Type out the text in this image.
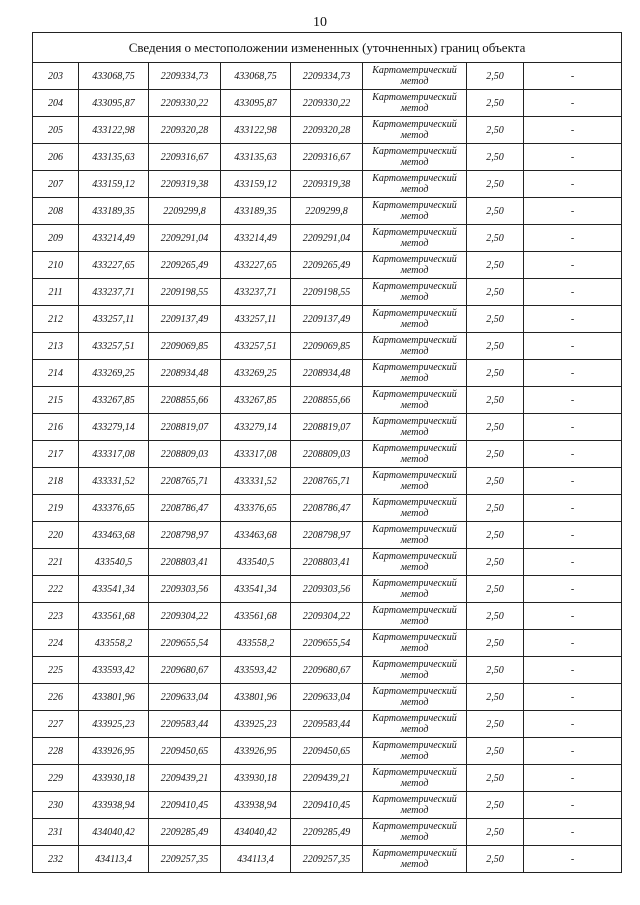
10
Сведения о местоположении измененных (уточненных) границ объекта							
203	433068,75	2209334,73	433068,75	2209334,73	Картометрический
метод	2,50	-
204	433095,87	2209330,22	433095,87	2209330,22	Картометрический
метод	2,50	-
205	433122,98	2209320,28	433122,98	2209320,28	Картометрический
метод	2,50	-
206	433135,63	2209316,67	433135,63	2209316,67	Картометрический
метод	2,50	-
207	433159,12	2209319,38	433159,12	2209319,38	Картометрический
метод	2,50	-
208	433189,35	2209299,8	433189,35	2209299,8	Картометрический
метод	2,50	-
209	433214,49	2209291,04	433214,49	2209291,04	Картометрический
метод	2,50	-
210	433227,65	2209265,49	433227,65	2209265,49	Картометрический
метод	2,50	-
211	433237,71	2209198,55	433237,71	2209198,55	Картометрический
метод	2,50	-
212	433257,11	2209137,49	433257,11	2209137,49	Картометрический
метод	2,50	-
213	433257,51	2209069,85	433257,51	2209069,85	Картометрический
метод	2,50	-
214	433269,25	2208934,48	433269,25	2208934,48	Картометрический
метод	2,50	-
215	433267,85	2208855,66	433267,85	2208855,66	Картометрический
метод	2,50	-
216	433279,14	2208819,07	433279,14	2208819,07	Картометрический
метод	2,50	-
217	433317,08	2208809,03	433317,08	2208809,03	Картометрический
метод	2,50	-
218	433331,52	2208765,71	433331,52	2208765,71	Картометрический
метод	2,50	-
219	433376,65	2208786,47	433376,65	2208786,47	Картометрический
метод	2,50	-
220	433463,68	2208798,97	433463,68	2208798,97	Картометрический
метод	2,50	-
221	433540,5	2208803,41	433540,5	2208803,41	Картометрический
метод	2,50	-
222	433541,34	2209303,56	433541,34	2209303,56	Картометрический
метод	2,50	-
223	433561,68	2209304,22	433561,68	2209304,22	Картометрический
метод	2,50	-
224	433558,2	2209655,54	433558,2	2209655,54	Картометрический
метод	2,50	-
225	433593,42	2209680,67	433593,42	2209680,67	Картометрический
метод	2,50	-
226	433801,96	2209633,04	433801,96	2209633,04	Картометрический
метод	2,50	-
227	433925,23	2209583,44	433925,23	2209583,44	Картометрический
метод	2,50	-
228	433926,95	2209450,65	433926,95	2209450,65	Картометрический
метод	2,50	-
229	433930,18	2209439,21	433930,18	2209439,21	Картометрический
метод	2,50	-
230	433938,94	2209410,45	433938,94	2209410,45	Картометрический
метод	2,50	-
231	434040,42	2209285,49	434040,42	2209285,49	Картометрический
метод	2,50	-
232	434113,4	2209257,35	434113,4	2209257,35	Картометрический
метод	2,50	-
